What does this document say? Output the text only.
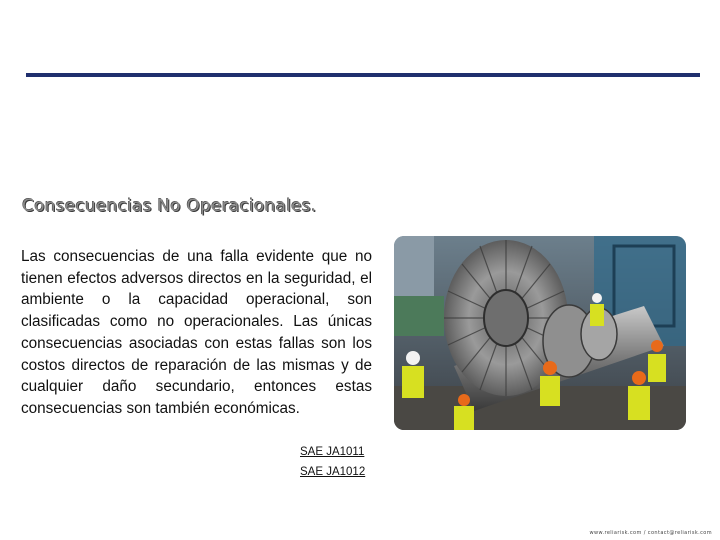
Consecuencias No Operacionales.

Las consecuencias de una falla evidente que no tienen efectos adversos directos en la seguridad, el ambiente o la capacidad operacional, son clasificadas como no operacionales. Las únicas consecuencias asociadas con estas fallas son los costos directos de reparación de las mismas y de cualquier daño secundario, entonces estas consecuencias son también económicas.

SAE JA1011
SAE JA1012
www.reliarisk.com / contact@reliarisk.com
